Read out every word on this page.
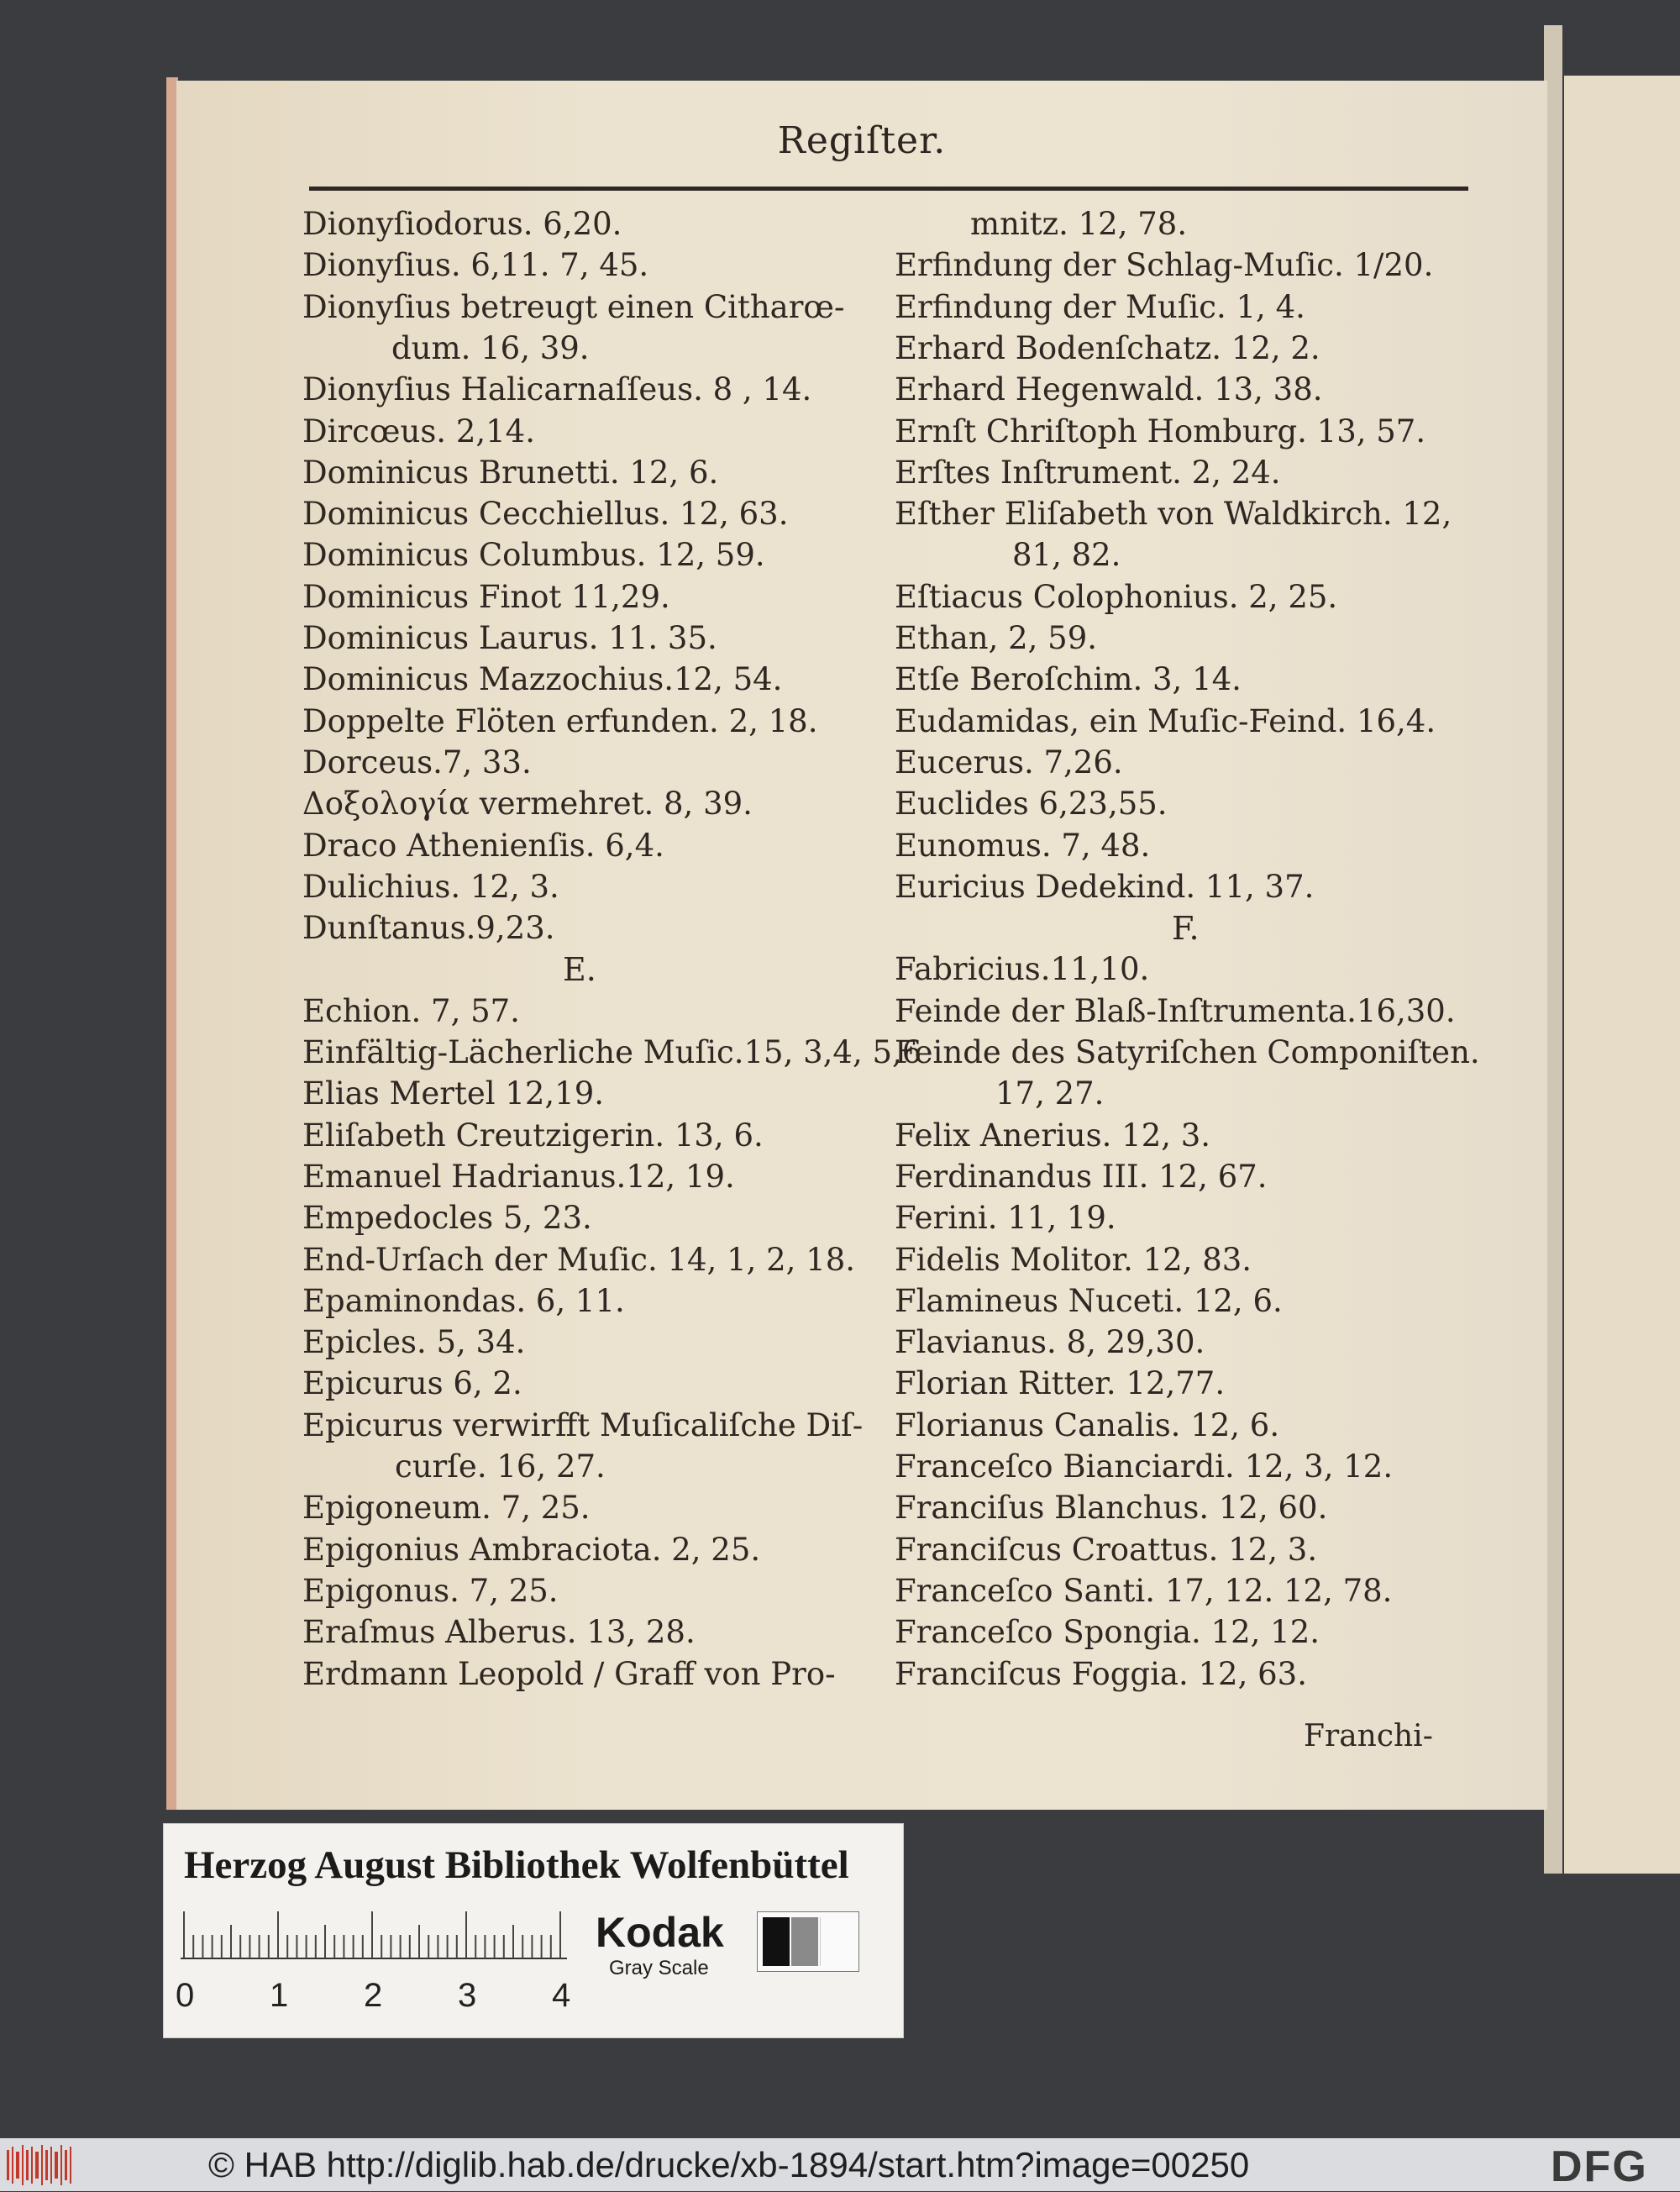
Regiſter.
Dionyſiodorus. 6,20.
Dionyſius. 6,11. 7, 45.
Dionyſius betreugt einen Citharœ-
dum. 16, 39.
Dionyſius Halicarnaſſeus. 8 , 14.
Dircœus. 2,14.
Dominicus Brunetti. 12, 6.
Dominicus Cecchiellus. 12, 63.
Dominicus Columbus. 12, 59.
Dominicus Finot 11,29.
Dominicus Laurus. 11. 35.
Dominicus Mazzochius.12, 54.
Doppelte Flöten erfunden. 2, 18.
Dorceus.7, 33.
Δοξολογία vermehret. 8, 39.
Draco Athenienſis. 6,4.
Dulichius. 12, 3.
Dunſtanus.9,23.
E.
Echion. 7, 57.
Einfältig-Lächerliche Muſic.15, 3,4, 5,6
Elias Mertel 12,19.
Eliſabeth Creutzigerin. 13, 6.
Emanuel Hadrianus.12, 19.
Empedocles 5, 23.
End-Urſach der Muſic. 14, 1, 2, 18.
Epaminondas. 6, 11.
Epicles. 5, 34.
Epicurus 6, 2.
Epicurus verwirfft Muſicaliſche Diſ-
curſe. 16, 27.
Epigoneum. 7, 25.
Epigonius Ambraciota. 2, 25.
Epigonus. 7, 25.
Eraſmus Alberus. 13, 28.
Erdmann Leopold / Graff von Pro-
mnitz. 12, 78.
Erfindung der Schlag-Muſic. 1/20.
Erfindung der Muſic. 1, 4.
Erhard Bodenſchatz. 12, 2.
Erhard Hegenwald. 13, 38.
Ernſt Chriſtoph Homburg. 13, 57.
Erſtes Inſtrument. 2, 24.
Eſther Eliſabeth von Waldkirch. 12,
81, 82.
Eſtiacus Colophonius. 2, 25.
Ethan, 2, 59.
Etſe Beroſchim. 3, 14.
Eudamidas, ein Muſic-Feind. 16,4.
Eucerus. 7,26.
Euclides 6,23,55.
Eunomus. 7, 48.
Euricius Dedekind. 11, 37.
F.
Fabricius.11,10.
Feinde der Blaß-Inſtrumenta.16,30.
Feinde des Satyriſchen Componiſten.
17, 27.
Felix Anerius. 12, 3.
Ferdinandus III. 12, 67.
Ferini. 11, 19.
Fidelis Molitor. 12, 83.
Flamineus Nuceti. 12, 6.
Flavianus. 8, 29,30.
Florian Ritter. 12,77.
Florianus Canalis. 12, 6.
Franceſco Bianciardi. 12, 3, 12.
Franciſus Blanchus. 12, 60.
Franciſcus Croattus. 12, 3.
Franceſco Santi. 17, 12. 12, 78.
Franceſco Spongia. 12, 12.
Franciſcus Foggia. 12, 63.
Franchi-
Herzog August Bibliothek Wolfenbüttel
0 1 2 3 4
Kodak
Gray Scale
© HAB http://diglib.hab.de/drucke/xb-1894/start.htm?image=00250	DFG
